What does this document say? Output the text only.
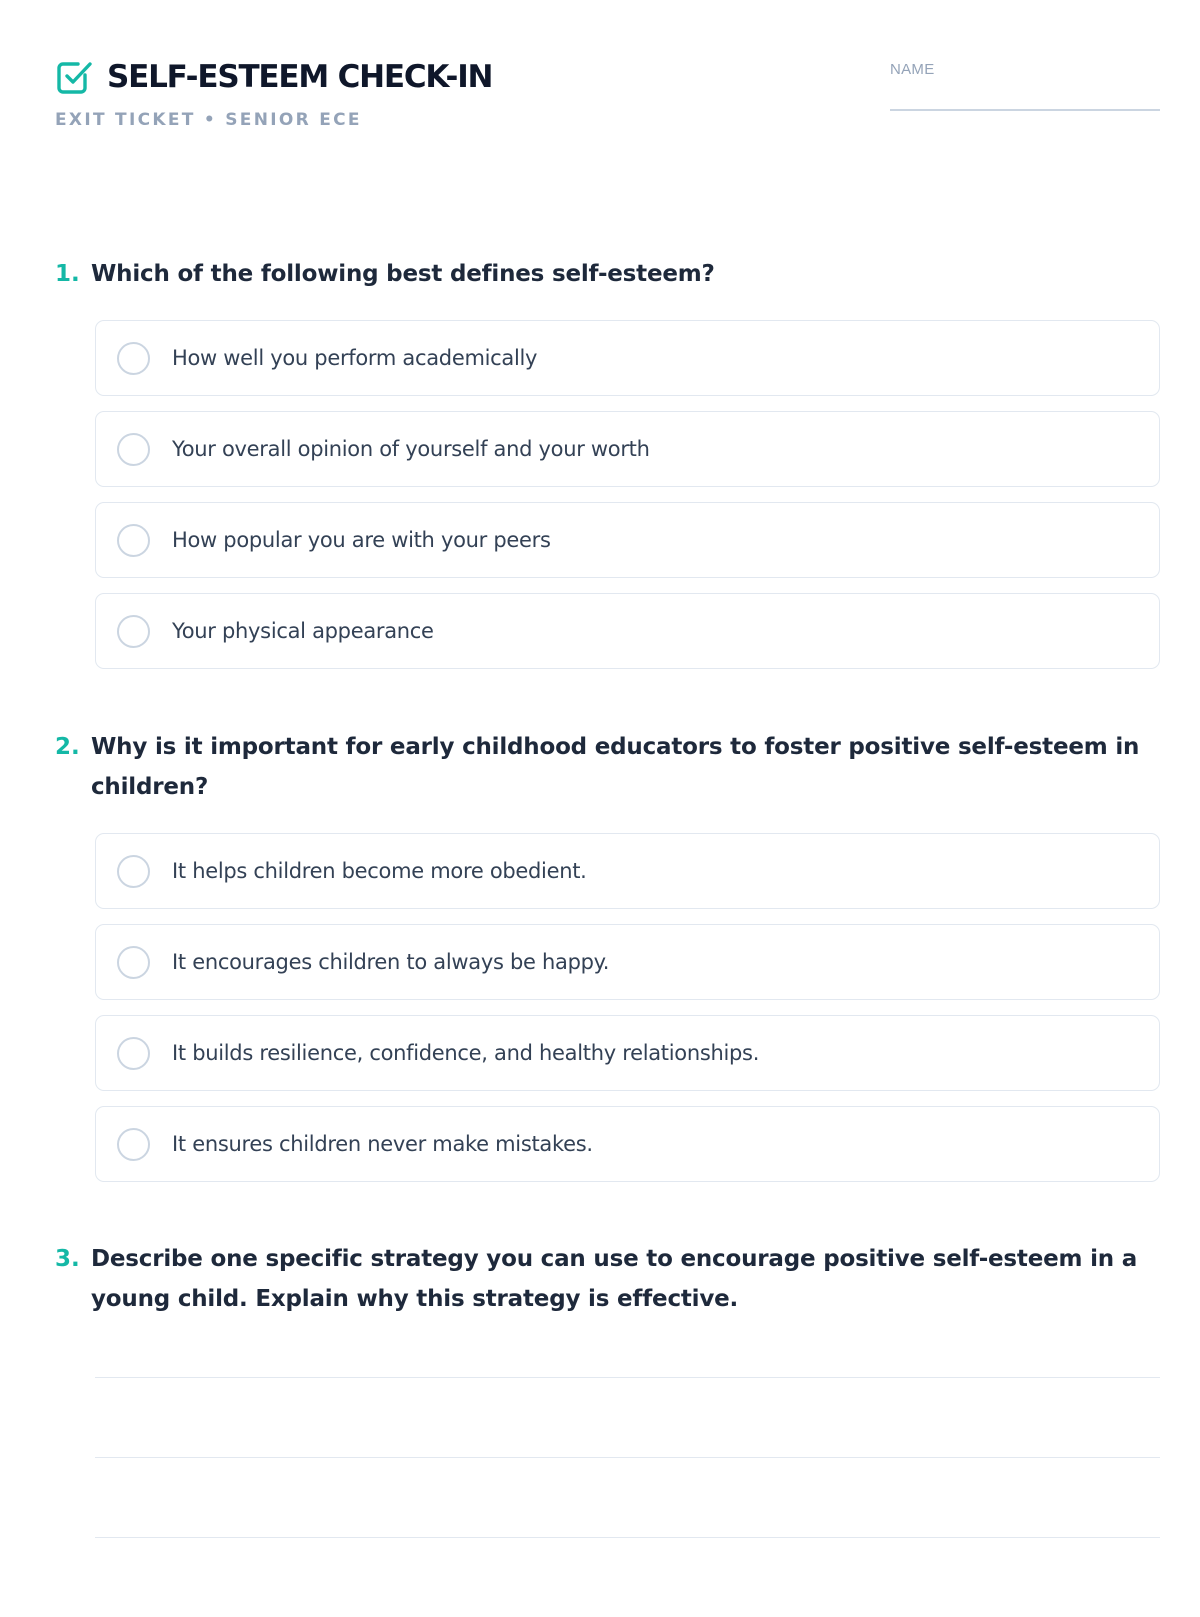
SELF-ESTEEM CHECK-IN
EXIT TICKET • SENIOR ECE
NAME
1. Which of the following best defines self-esteem?
How well you perform academically
Your overall opinion of yourself and your worth
How popular you are with your peers
Your physical appearance
2. Why is it important for early childhood educators to foster positive self-esteem in children?
It helps children become more obedient.
It encourages children to always be happy.
It builds resilience, confidence, and healthy relationships.
It ensures children never make mistakes.
3. Describe one specific strategy you can use to encourage positive self-esteem in a young child. Explain why this strategy is effective.
